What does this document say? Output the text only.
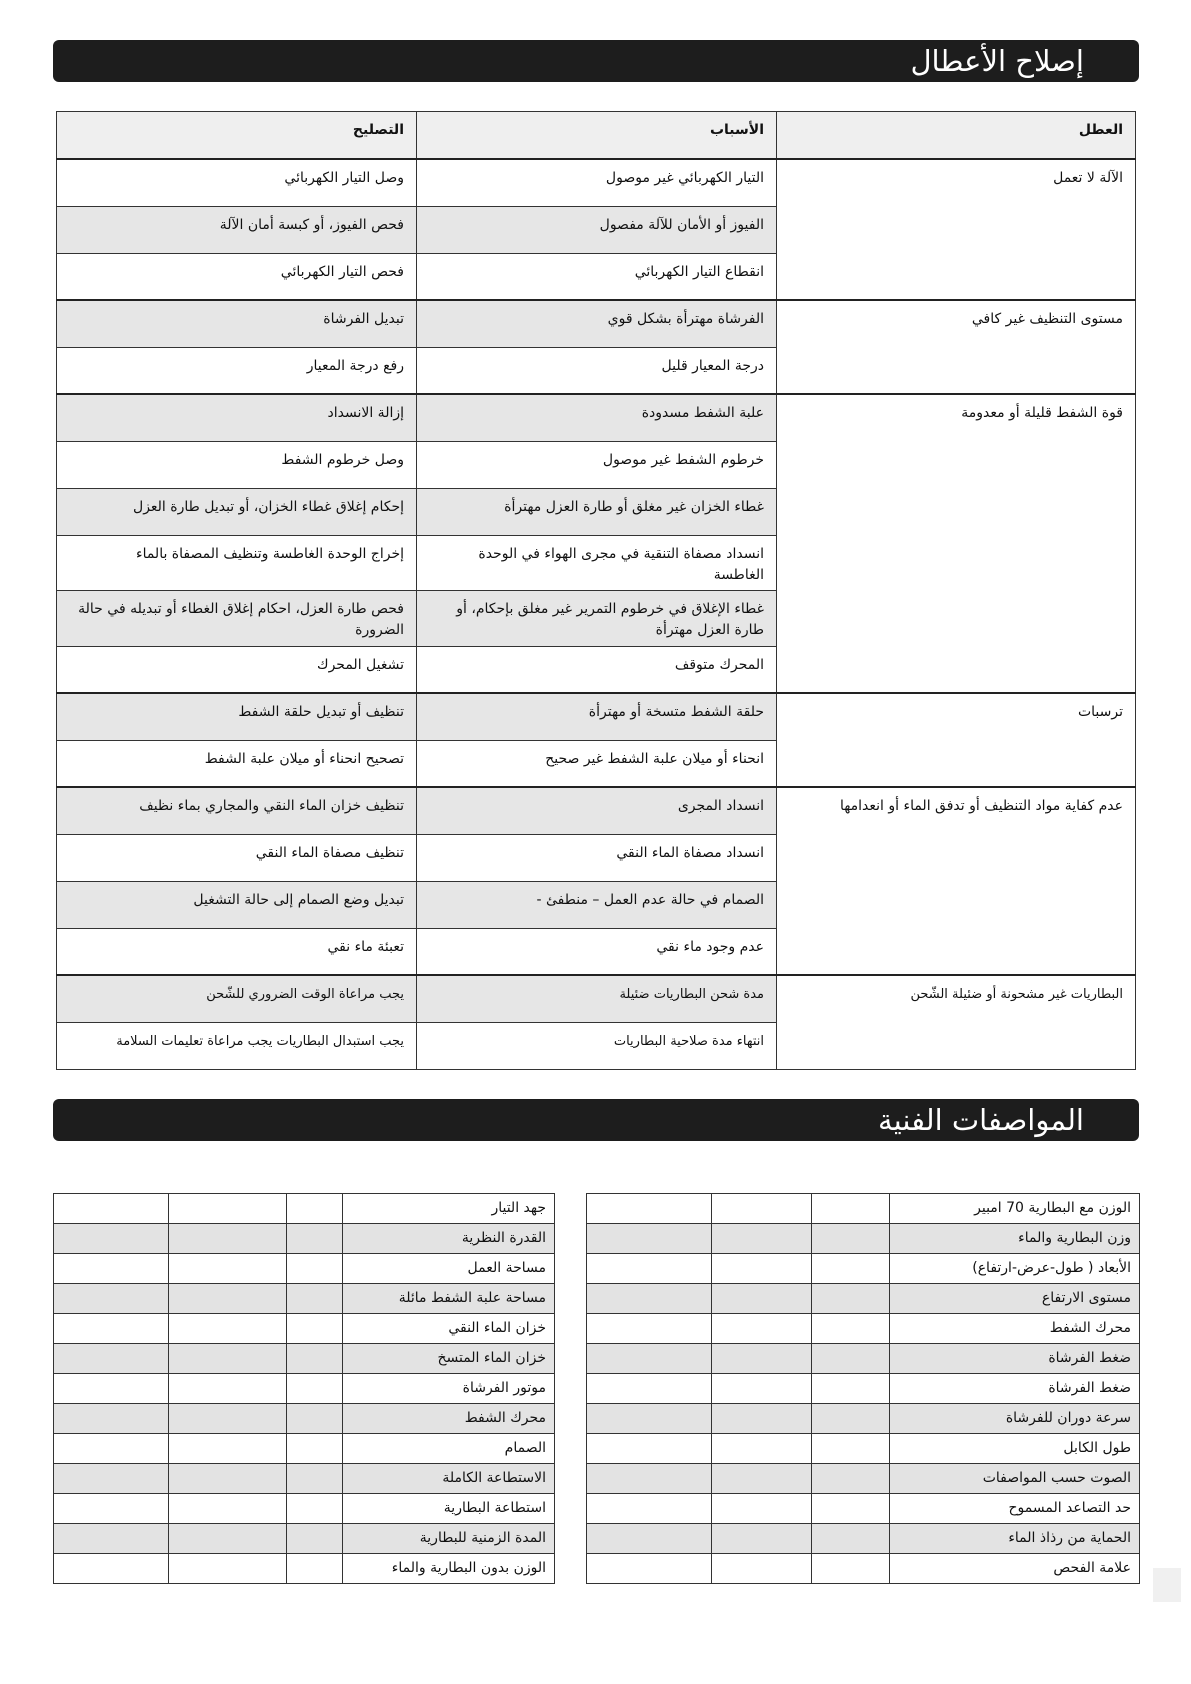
إصلاح الأعطال
العطل	الأسباب	التصليح
الآلة لا تعمل	التيار الكهربائي غير موصول	وصل التيار الكهربائي
	الفيوز أو الأمان للآلة مفصول	فحص الفيوز، أو كبسة أمان الآلة
	انقطاع التيار الكهربائي	فحص التيار الكهربائي
مستوى التنظيف غير كافي	الفرشاة مهترأة بشكل قوي	تبديل الفرشاة
	درجة المعيار قليل	رفع درجة المعيار
قوة الشفط قليلة أو معدومة	علبة الشفط مسدودة	إزالة الانسداد
	خرطوم الشفط غير موصول	وصل خرطوم الشفط
	غطاء الخزان غير مغلق أو طارة العزل مهترأة	إحكام إغلاق غطاء الخزان، أو تبديل طارة العزل
	انسداد مصفاة التنقية في مجرى الهواء في الوحدة الغاطسة	إخراج الوحدة الغاطسة وتنظيف المصفاة بالماء
	غطاء الإغلاق في خرطوم التمرير غير مغلق بإحكام، أو طارة العزل مهترأة	فحص طارة العزل، احكام إغلاق الغطاء أو تبديله في حالة الضرورة
	المحرك متوقف	تشغيل المحرك
ترسبات	حلقة الشفط متسخة أو مهترأة	تنظيف أو تبديل حلقة الشفط
	انحناء أو ميلان علبة الشفط غير صحيح	تصحيح انحناء أو ميلان علبة الشفط
عدم كفاية مواد التنظيف أو تدفق الماء أو انعدامها	انسداد المجرى	تنظيف خزان الماء النقي والمجاري بماء نظيف
	انسداد مصفاة الماء النقي	تنظيف مصفاة الماء النقي
	الصمام في حالة عدم العمل – منطفئ -	تبديل وضع الصمام إلى حالة التشغيل
	عدم وجود ماء نقي	تعبئة ماء نقي
البطاريات غير مشحونة أو ضئيلة الشّحن	مدة شحن البطاريات ضئيلة	يجب مراعاة الوقت الضروري للشّحن
	انتهاء مدة صلاحية البطاريات	يجب استبدال البطاريات يجب مراعاة تعليمات السلامة
المواصفات الفنية
الوزن مع البطارية 70 امبير			
وزن البطارية والماء			
الأبعاد ( طول-عرض-ارتفاع)			
مستوى الارتفاع			
محرك الشفط			
ضغط الفرشاة			
ضغط الفرشاة			
سرعة دوران للفرشاة			
طول الكابل			
الصوت حسب المواصفات			
حد التصاعد المسموح			
الحماية من رذاذ الماء			
علامة الفحص			
جهد التيار			
القدرة النظرية			
مساحة العمل			
مساحة علبة الشفط مائلة			
خزان الماء النقي			
خزان الماء المتسخ			
موتور الفرشاة			
محرك الشفط			
الصمام			
الاستطاعة الكاملة			
استطاعة البطارية			
المدة الزمنية للبطارية			
الوزن بدون البطارية والماء			
